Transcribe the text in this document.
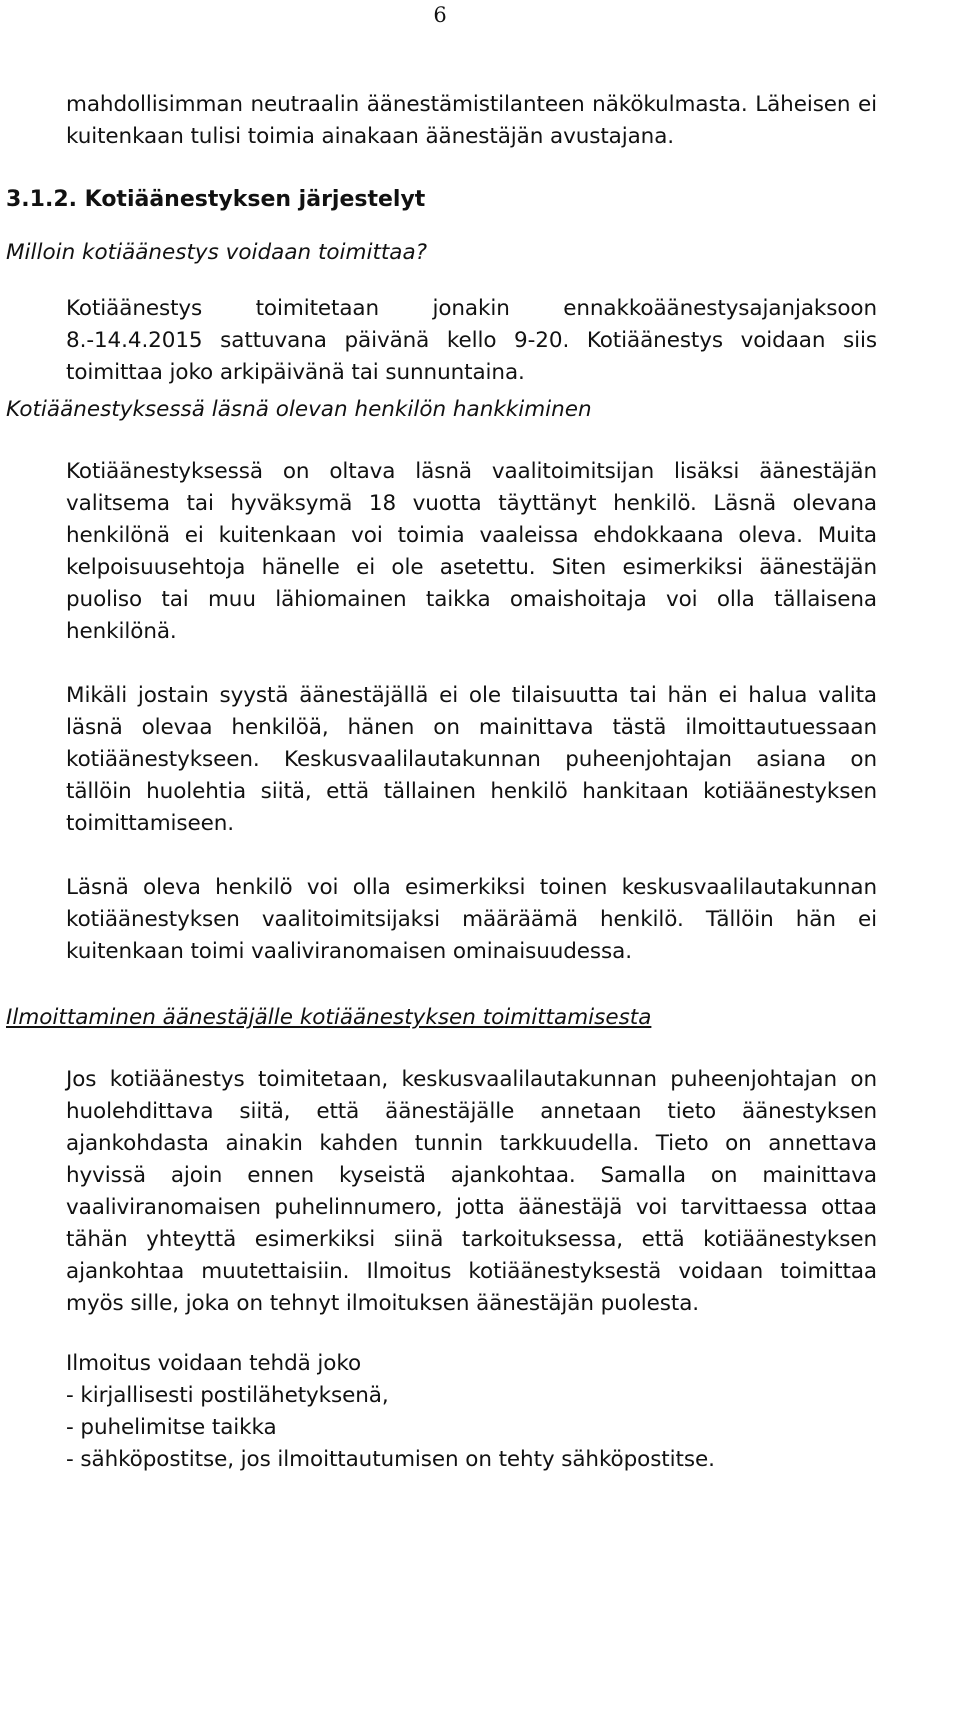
6

mahdollisimman neutraalin äänestämistilanteen näkökulmasta. Läheisen ei kuitenkaan tulisi toimia ainakaan äänestäjän avustajana.

3.1.2. Kotiäänestyksen järjestelyt
Milloin kotiäänestys voidaan toimittaa?

Kotiäänestys toimitetaan jonakin ennakkoäänestysajanjaksoon 8.-14.4.2015 sattuvana päivänä kello 9-20. Kotiäänestys voidaan siis toimittaa joko arkipäivänä tai sunnuntaina.

Kotiäänestyksessä läsnä olevan henkilön hankkiminen

Kotiäänestyksessä on oltava läsnä vaalitoimitsijan lisäksi äänestäjän valitsema tai hyväksymä 18 vuotta täyttänyt henkilö. Läsnä olevana henkilönä ei kuitenkaan voi toimia vaaleissa ehdokkaana oleva. Muita kelpoisuusehtoja hänelle ei ole asetettu. Siten esimerkiksi äänestäjän puoliso tai muu lähiomainen taikka omaishoitaja voi olla tällaisena henkilönä.

Mikäli jostain syystä äänestäjällä ei ole tilaisuutta tai hän ei halua valita läsnä olevaa henkilöä, hänen on mainittava tästä ilmoittautuessaan kotiäänestykseen. Keskusvaalilautakunnan puheenjohtajan asiana on tällöin huolehtia siitä, että tällainen henkilö hankitaan kotiäänestyksen toimittamiseen.

Läsnä oleva henkilö voi olla esimerkiksi toinen keskusvaalilautakunnan kotiäänestyksen vaalitoimitsijaksi määräämä henkilö. Tällöin hän ei kuitenkaan toimi vaaliviranomaisen ominaisuudessa.

Ilmoittaminen äänestäjälle kotiäänestyksen toimittamisesta

Jos kotiäänestys toimitetaan, keskusvaalilautakunnan puheenjohtajan on huolehdittava siitä, että äänestäjälle annetaan tieto äänestyksen ajankohdasta ainakin kahden tunnin tarkkuudella. Tieto on annettava hyvissä ajoin ennen kyseistä ajankohtaa. Samalla on mainittava vaaliviranomaisen puhelinnumero, jotta äänestäjä voi tarvittaessa ottaa tähän yhteyttä esimerkiksi siinä tarkoituksessa, että kotiäänestyksen ajankohtaa muutettaisiin. Ilmoitus kotiäänestyksestä voidaan toimittaa myös sille, joka on tehnyt ilmoituksen äänestäjän puolesta.

Ilmoitus voidaan tehdä joko

- kirjallisesti postilähetyksenä,

- puhelimitse taikka

- sähköpostitse, jos ilmoittautumisen on tehty sähköpostitse.
